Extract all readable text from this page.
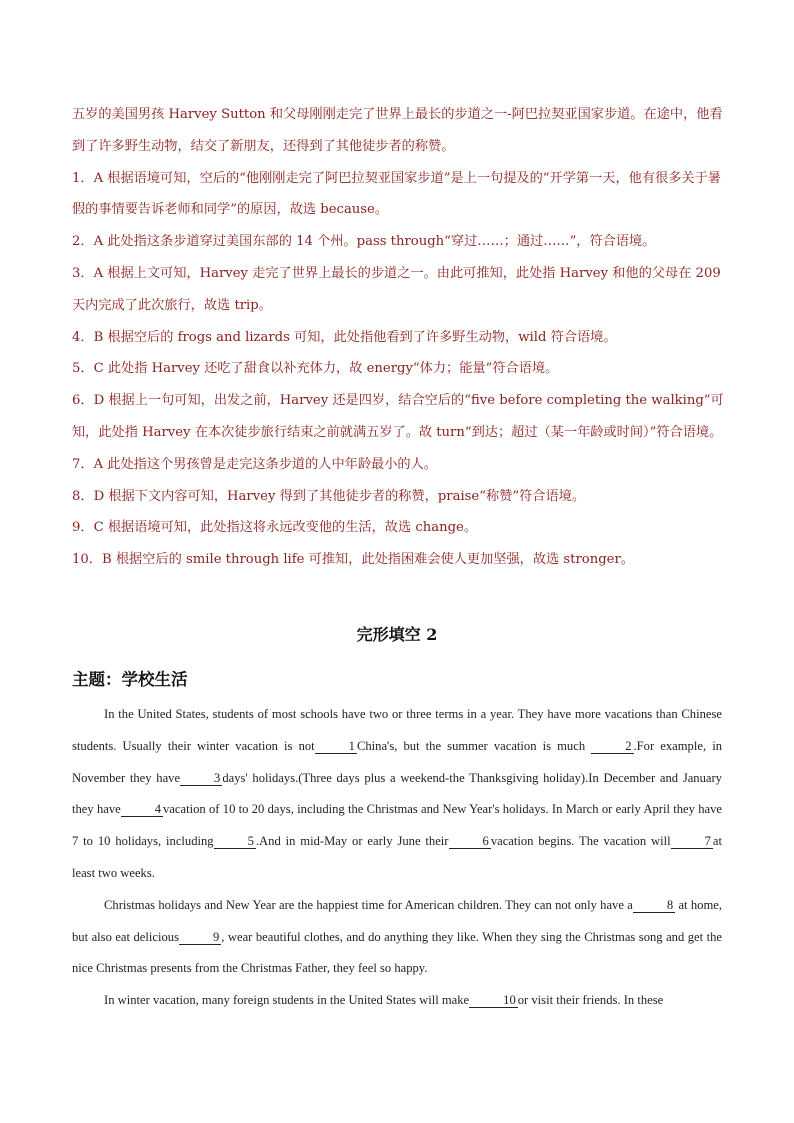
五岁的美国男孩 Harvey Sutton 和父母刚刚走完了世界上最长的步道之一-阿巴拉契亚国家步道。在途中，他看到了许多野生动物，结交了新朋友，还得到了其他徒步者的称赞。

1．A 根据语境可知，空后的“他刚刚走完了阿巴拉契亚国家步道”是上一句提及的“开学第一天，他有很多关于暑假的事情要告诉老师和同学”的原因，故选 because。

2．A 此处指这条步道穿过美国东部的 14 个州。pass through“穿过……；通过……”，符合语境。

3．A 根据上文可知，Harvey 走完了世界上最长的步道之一。由此可推知，此处指 Harvey 和他的父母在 209 天内完成了此次旅行，故选 trip。

4．B 根据空后的 frogs and lizards 可知，此处指他看到了许多野生动物，wild 符合语境。

5．C 此处指 Harvey 还吃了甜食以补充体力，故 energy“体力；能量”符合语境。

6．D 根据上一句可知，出发之前，Harvey 还是四岁，结合空后的“five before completing the walking”可知，此处指 Harvey 在本次徒步旅行结束之前就满五岁了。故 turn“到达；超过（某一年龄或时间）”符合语境。

7．A 此处指这个男孩曾是走完这条步道的人中年龄最小的人。

8．D 根据下文内容可知，Harvey 得到了其他徒步者的称赞，praise“称赞”符合语境。

9．C 根据语境可知，此处指这将永远改变他的生活，故选 change。

10．B 根据空后的 smile through life 可推知，此处指困难会使人更加坚强，故选 stronger。

完形填空 2
主题：学校生活

In the United States, students of most schools have two or three terms in a year. They have more vacations than Chinese students. Usually their winter vacation is not	1 China's, but the summer vacation is much	2 .For example, in November they have	3 days' holidays.(Three days plus a weekend-the Thanksgiving holiday).In December and January they have	4 vacation of 10 to 20 days, including the Christmas and New Year's holidays. In March or early April they have 7 to 10 holidays, including	5 .And in mid-May or early June their	6 vacation begins. The vacation will	7 at least two weeks.

Christmas holidays and New Year are the happiest time for American children. They can not only have a	8 at home, but also eat delicious	9 , wear beautiful clothes, and do anything they like. When they sing the Christmas song and get the nice Christmas presents from the Christmas Father, they feel so happy.

In winter vacation, many foreign students in the United States will make	10 or visit their friends. In these
